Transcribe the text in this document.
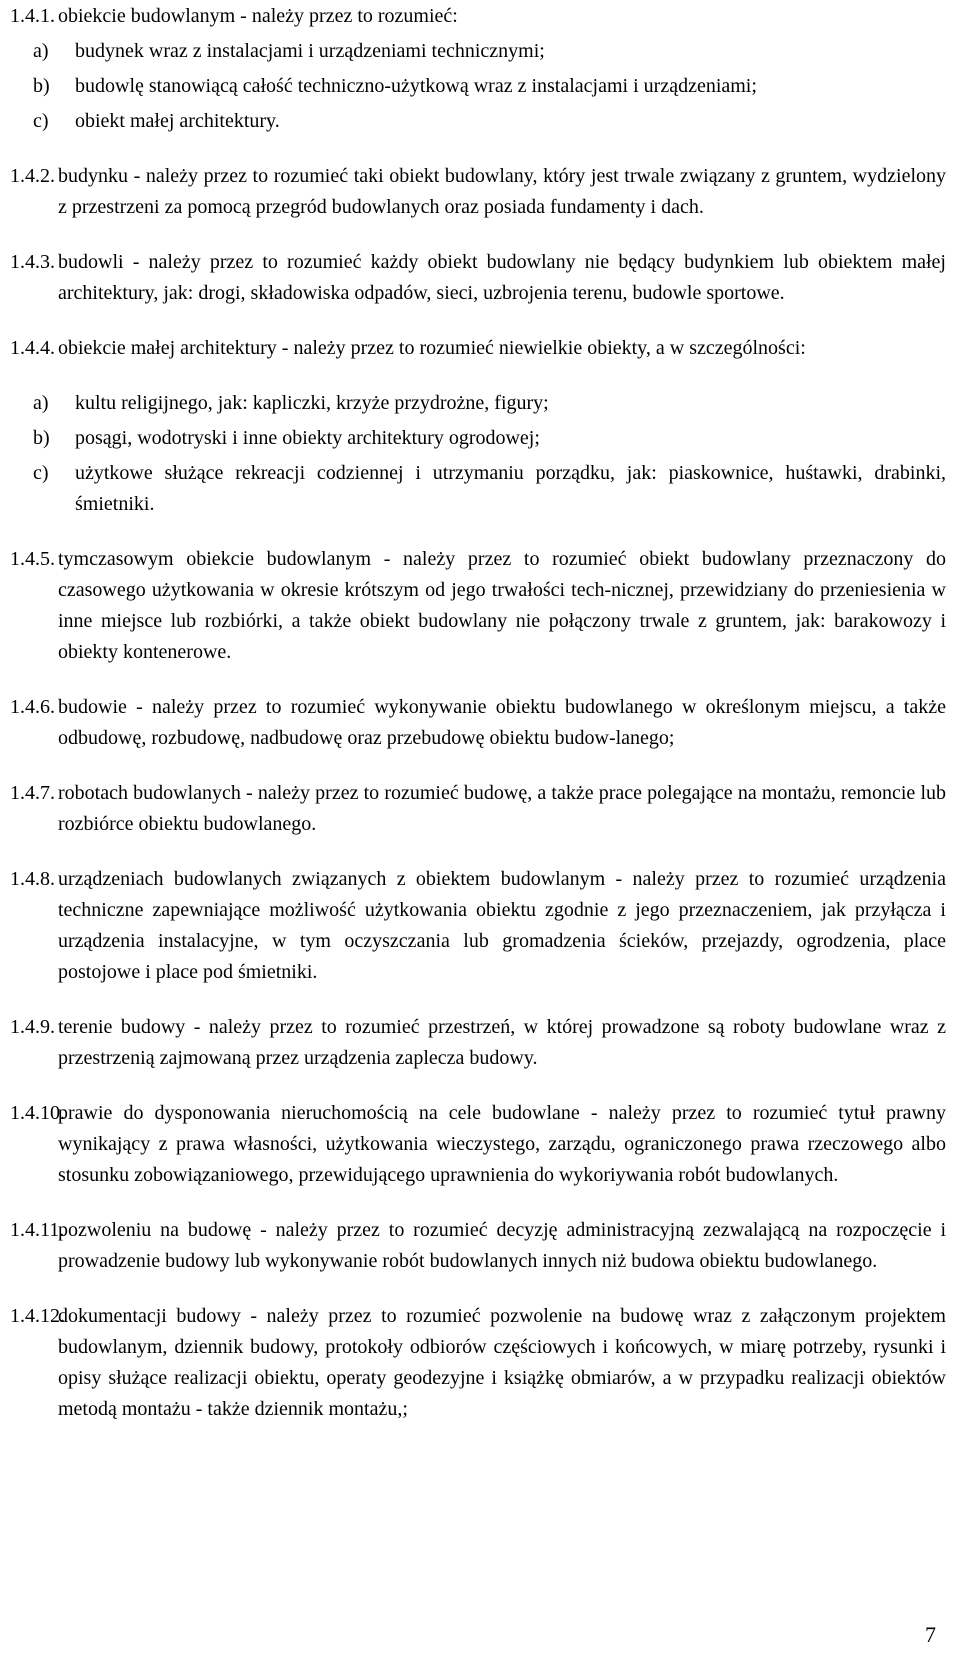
1.4.1. obiekcie budowlanym - należy przez to rozumieć:
a) budynek wraz z instalacjami i urządzeniami technicznymi;
b) budowlę stanowiącą całość techniczno-użytkową wraz z instalacjami i urządzeniami;
c) obiekt małej architektury.
1.4.2. budynku - należy przez to rozumieć taki obiekt budowlany, który jest trwale związany z gruntem, wydzielony z przestrzeni za pomocą przegród budowlanych oraz posiada fundamenty i dach.
1.4.3. budowli - należy przez to rozumieć każdy obiekt budowlany nie będący budynkiem lub obiektem małej architektury, jak: drogi, składowiska odpadów, sieci, uzbrojenia terenu, budowle sportowe.
1.4.4. obiekcie małej architektury - należy przez to rozumieć niewielkie obiekty, a w szczególności:
a) kultu religijnego, jak: kapliczki, krzyże przydrożne, figury;
b) posągi, wodotryski i inne obiekty architektury ogrodowej;
c) użytkowe służące rekreacji codziennej i utrzymaniu porządku, jak: piaskownice, huśtawki, drabinki, śmietniki.
1.4.5. tymczasowym obiekcie budowlanym - należy przez to rozumieć obiekt budowlany przeznaczony do czasowego użytkowania w okresie krótszym od jego trwałości tech-nicznej, przewidziany do przeniesienia w inne miejsce lub rozbiórki, a także obiekt budowlany nie połączony trwale z gruntem, jak: barakowozy i obiekty kontenerowe.
1.4.6. budowie - należy przez to rozumieć wykonywanie obiektu budowlanego w określonym miejscu, a także odbudowę, rozbudowę, nadbudowę oraz przebudowę obiektu budow-lanego;
1.4.7. robotach budowlanych - należy przez to rozumieć budowę, a także prace polegające na montażu, remoncie lub rozbiórce obiektu budowlanego.
1.4.8. urządzeniach budowlanych związanych z obiektem budowlanym - należy przez to rozumieć urządzenia techniczne zapewniające możliwość użytkowania obiektu zgodnie z jego przeznaczeniem, jak przyłącza i urządzenia instalacyjne, w tym oczyszczania lub gromadzenia ścieków, przejazdy, ogrodzenia, place postojowe i place pod śmietniki.
1.4.9. terenie budowy - należy przez to rozumieć przestrzeń, w której prowadzone są roboty budowlane wraz z przestrzenią zajmowaną przez urządzenia zaplecza budowy.
1.4.10.
prawie do dysponowania nieruchomością na cele budowlane - należy przez to rozumieć tytuł prawny wynikający z prawa własności, użytkowania wieczystego, zarządu, ograniczonego prawa rzeczowego albo stosunku zobowiązaniowego, przewidującego uprawnienia do wykoriywania robót budowlanych.
1.4.11.
pozwoleniu na budowę - należy przez to rozumieć decyzję administracyjną zezwalającą na rozpoczęcie i prowadzenie budowy lub wykonywanie robót budowlanych innych niż budowa obiektu budowlanego.
1.4.12.
dokumentacji budowy - należy przez to rozumieć pozwolenie na budowę wraz z załączonym projektem budowlanym, dziennik budowy, protokoły odbiorów częściowych i końcowych, w miarę potrzeby, rysunki i opisy służące realizacji obiektu, operaty geodezyjne i książkę obmiarów, a w przypadku realizacji obiektów metodą montażu - także dziennik montażu,;
7
